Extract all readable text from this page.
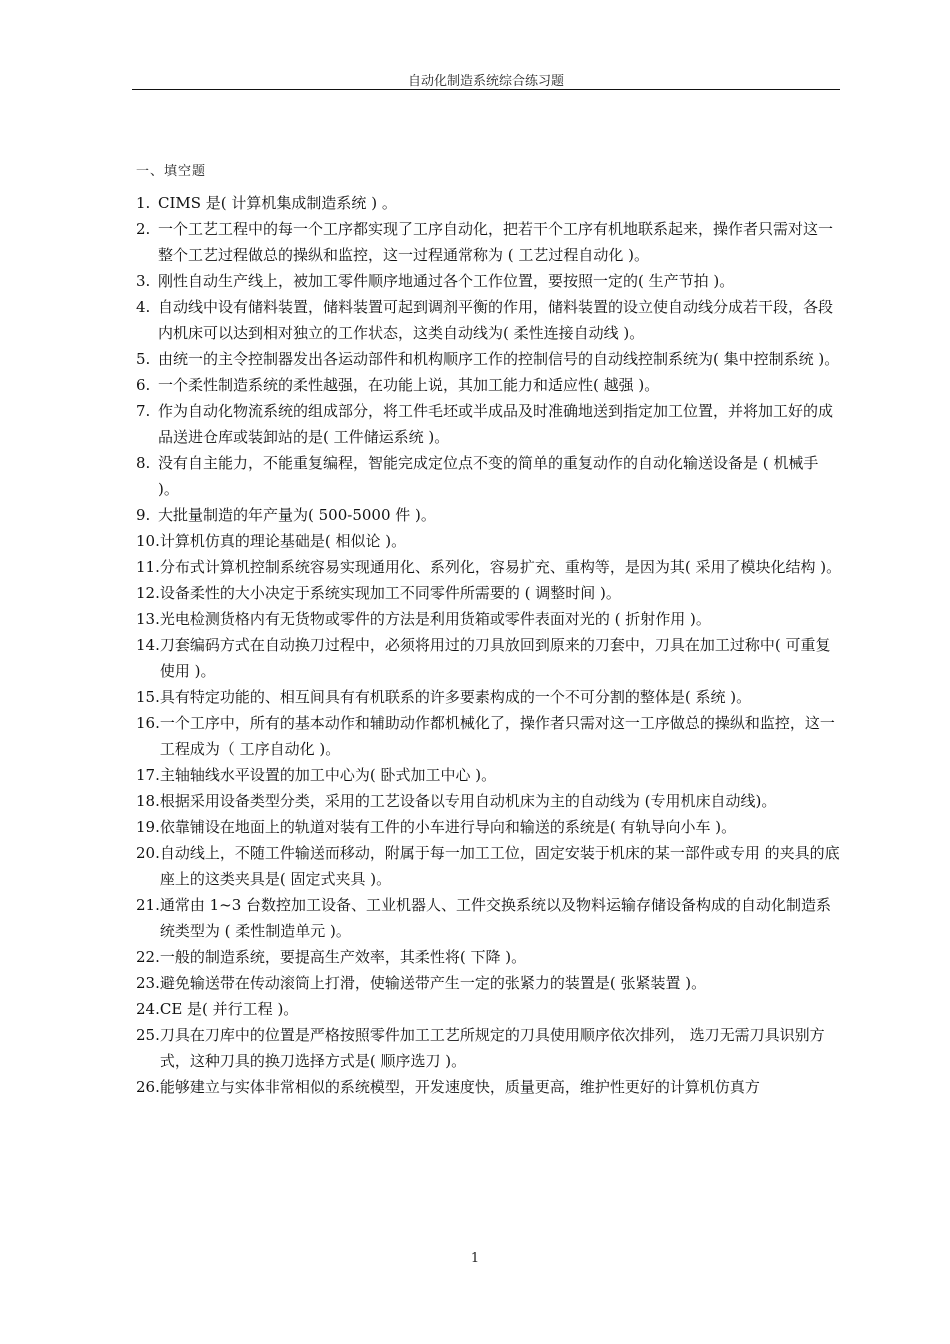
自动化制造系统综合练习题
一、填空题
1. CIMS 是( 计算机集成制造系统 ) 。
2. 一个工艺工程中的每一个工序都实现了工序自动化，把若干个工序有机地联系起来，操作者只需对这一整个工艺过程做总的操纵和监控，这一过程通常称为 ( 工艺过程自动化 )。
3. 刚性自动生产线上，被加工零件顺序地通过各个工作位置，要按照一定的( 生产节拍 )。
4. 自动线中设有储料装置，储料装置可起到调剂平衡的作用，储料装置的设立使自动线分成若干段，各段内机床可以达到相对独立的工作状态，这类自动线为( 柔性连接自动线 )。
5. 由统一的主令控制器发出各运动部件和机构顺序工作的控制信号的自动线控制系统为( 集中控制系统 )。
6. 一个柔性制造系统的柔性越强，在功能上说，其加工能力和适应性( 越强 )。
7. 作为自动化物流系统的组成部分，将工件毛坯或半成品及时准确地送到指定加工位置，并将加工好的成品送进仓库或装卸站的是( 工件储运系统 )。
8. 没有自主能力，不能重复编程，智能完成定位点不变的简单的重复动作的自动化输送设备是 ( 机械手 )。
9. 大批量制造的年产量为( 500-5000 件 )。
10. 计算机仿真的理论基础是( 相似论 )。
11. 分布式计算机控制系统容易实现通用化、系列化，容易扩充、重构等，是因为其( 采用了模块化结构 )。
12. 设备柔性的大小决定于系统实现加工不同零件所需要的 ( 调整时间 )。
13. 光电检测货格内有无货物或零件的方法是利用货箱或零件表面对光的 ( 折射作用 )。
14. 刀套编码方式在自动换刀过程中，必须将用过的刀具放回到原来的刀套中，刀具在加工过称中( 可重复使用 )。
15. 具有特定功能的、相互间具有有机联系的许多要素构成的一个不可分割的整体是( 系统 )。
16. 一个工序中，所有的基本动作和辅助动作都机械化了，操作者只需对这一工序做总的操纵和监控，这一工程成为（ 工序自动化 )。
17. 主轴轴线水平设置的加工中心为( 卧式加工中心 )。
18. 根据采用设备类型分类，采用的工艺设备以专用自动机床为主的自动线为 (专用机床自动线)。
19. 依靠铺设在地面上的轨道对装有工件的小车进行导向和输送的系统是( 有轨导向小车 )。
20. 自动线上，不随工件输送而移动，附属于每一加工工位，固定安装于机床的某一部件或专用 的夹具的底座上的这类夹具是( 固定式夹具 )。
21. 通常由 1~3 台数控加工设备、工业机器人、工件交换系统以及物料运输存储设备构成的自动化制造系统类型为 ( 柔性制造单元 )。
22. 一般的制造系统，要提高生产效率，其柔性将( 下降 )。
23. 避免输送带在传动滚筒上打滑，使输送带产生一定的张紧力的装置是( 张紧装置 )。
24. CE 是( 并行工程 )。
25. 刀具在刀库中的位置是严格按照零件加工工艺所规定的刀具使用顺序依次排列， 选刀无需刀具识别方式，这种刀具的换刀选择方式是( 顺序选刀 )。
26. 能够建立与实体非常相似的系统模型，开发速度快，质量更高，维护性更好的计算机仿真方
1
